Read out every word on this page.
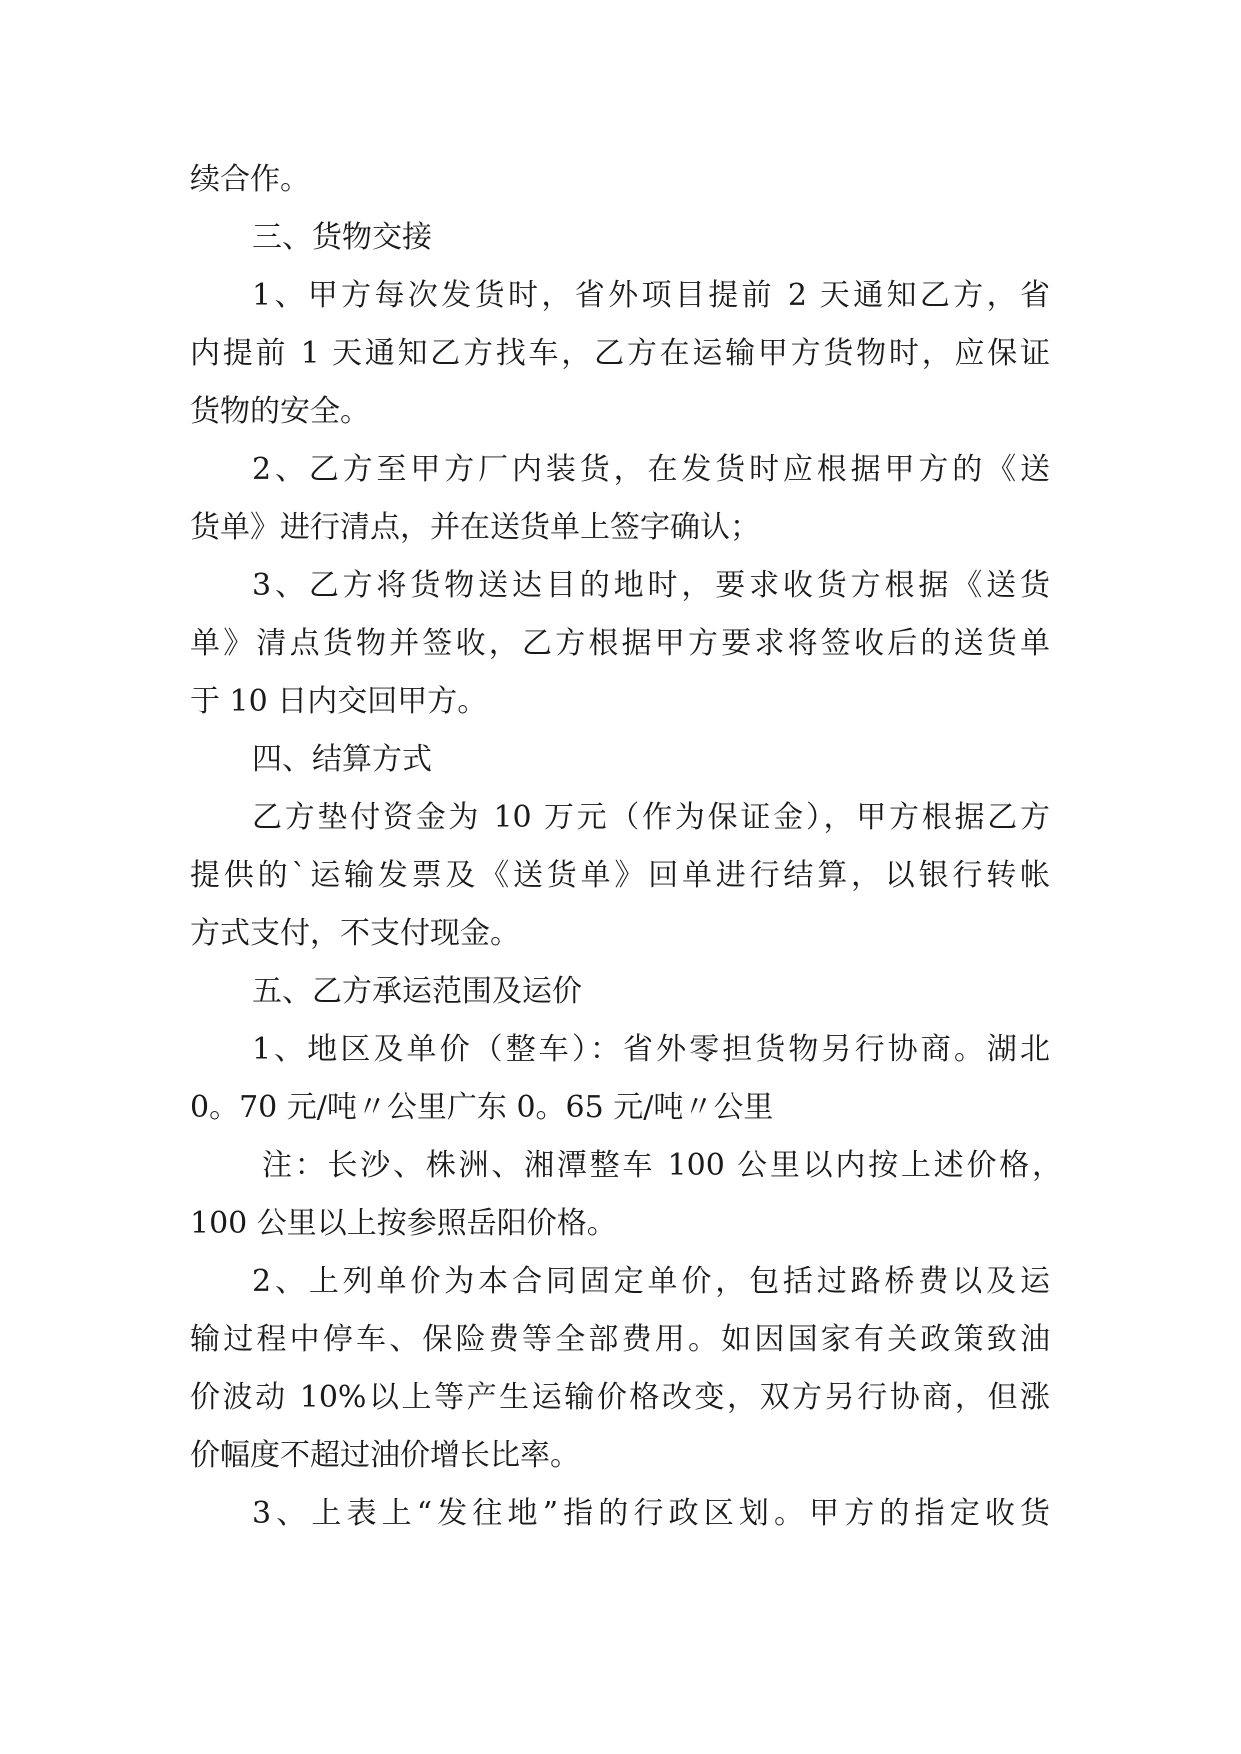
续合作。
三、货物交接
1、甲方每次发货时，省外项目提前 2 天通知乙方，省
内提前 1 天通知乙方找车，乙方在运输甲方货物时，应保证
货物的安全。
2、乙方至甲方厂内装货，在发货时应根据甲方的《送
货单》进行清点，并在送货单上签字确认；
3、乙方将货物送达目的地时，要求收货方根据《送货
单》清点货物并签收，乙方根据甲方要求将签收后的送货单
于 10 日内交回甲方。
四、结算方式
乙方垫付资金为 10 万元（作为保证金），甲方根据乙方
提供的`运输发票及《送货单》回单进行结算，以银行转帐
方式支付，不支付现金。
五、乙方承运范围及运价
1、地区及单价（整车）：省外零担货物另行协商。湖北
0。70 元/吨〃公里广东 0。65 元/吨〃公里
注：长沙、株洲、湘潭整车 100 公里以内按上述价格，
100 公里以上按参照岳阳价格。
2、上列单价为本合同固定单价，包括过路桥费以及运
输过程中停车、保险费等全部费用。如因国家有关政策致油
价波动 10%以上等产生运输价格改变，双方另行协商，但涨
价幅度不超过油价增长比率。
3、上表上“发往地”指的行政区划。甲方的指定收货
